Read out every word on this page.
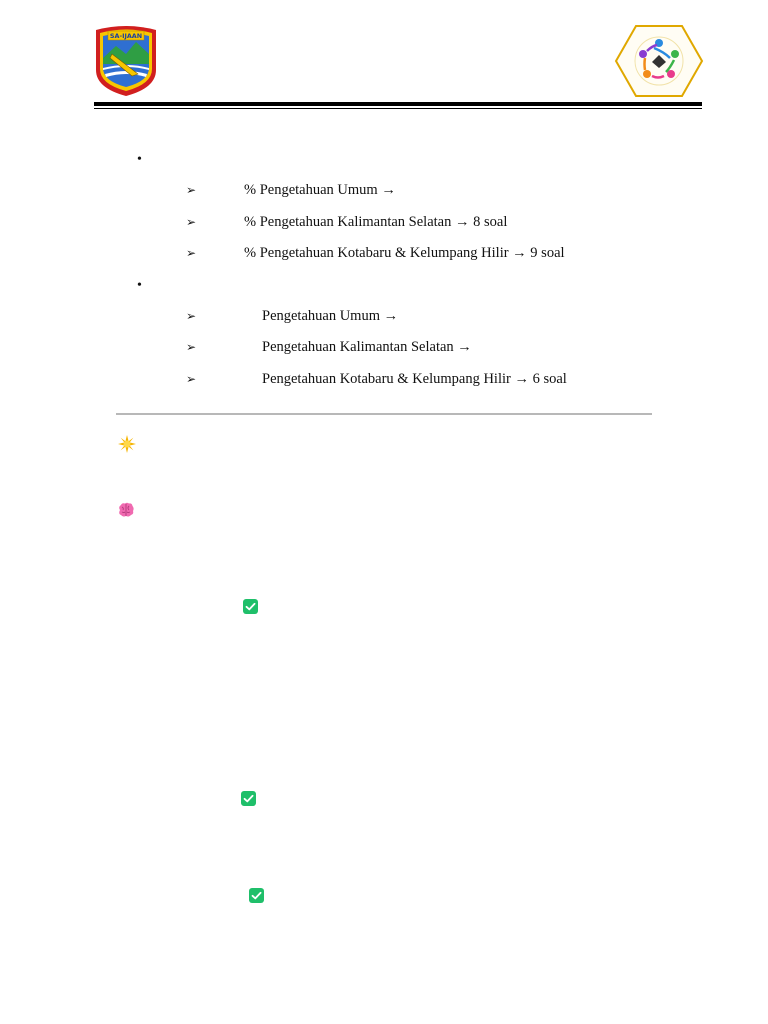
SA-IJAAN
•
➢	% Pengetahuan Umum →
➢	% Pengetahuan Kalimantan Selatan → 8 soal
➢	% Pengetahuan Kotabaru & Kelumpang Hilir → 9 soal
•
➢	Pengetahuan Umum →
➢	Pengetahuan Kalimantan Selatan →
➢	Pengetahuan Kotabaru & Kelumpang Hilir → 6 soal
